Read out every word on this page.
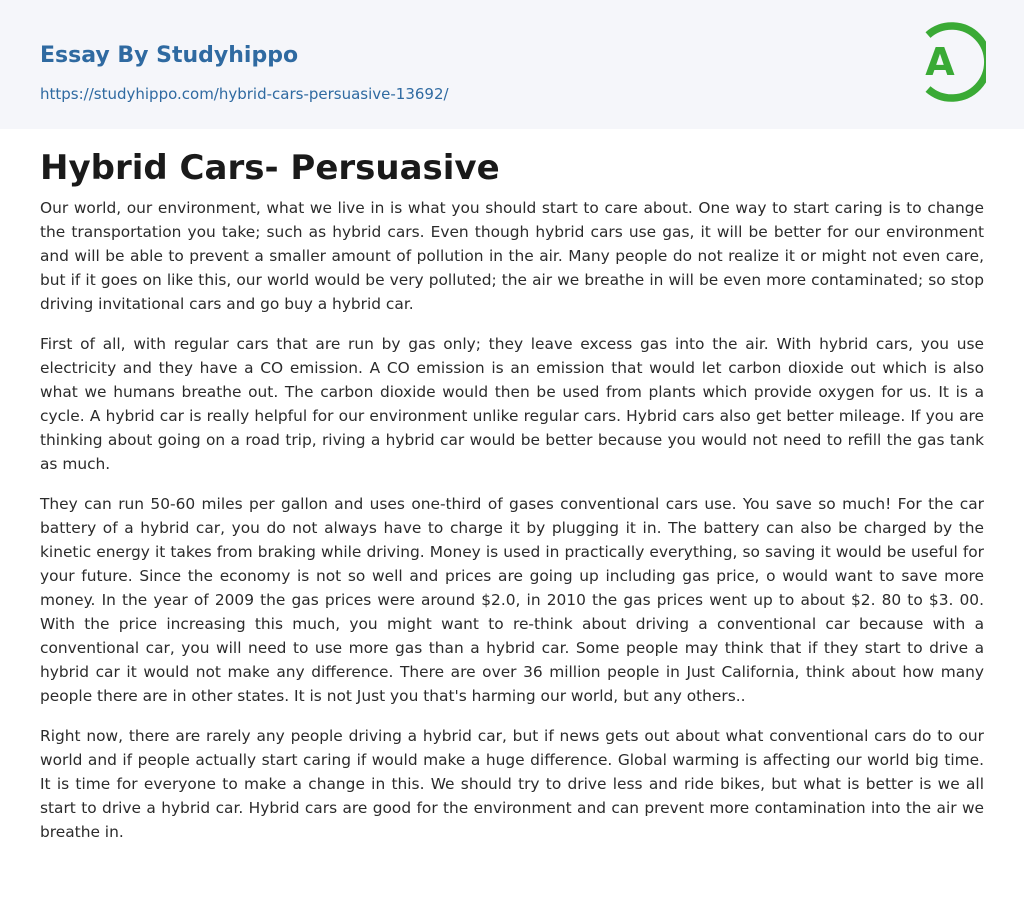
Essay By Studyhippo
https://studyhippo.com/hybrid-cars-persuasive-13692/
A
Hybrid Cars- Persuasive

Our world, our environment, what we live in is what you should start to care about. One way to start caring is to change the transportation you take; such as hybrid cars. Even though hybrid cars use gas, it will be better for our environment and will be able to prevent a smaller amount of pollution in the air. Many people do not realize it or might not even care, but if it goes on like this, our world would be very polluted; the air we breathe in will be even more contaminated; so stop driving invitational cars and go buy a hybrid car.

First of all, with regular cars that are run by gas only; they leave excess gas into the air. With hybrid cars, you use electricity and they have a CO emission. A CO emission is an emission that would let carbon dioxide out which is also what we humans breathe out. The carbon dioxide would then be used from plants which provide oxygen for us. It is a cycle. A hybrid car is really helpful for our environment unlike regular cars. Hybrid cars also get better mileage. If you are thinking about going on a road trip, riving a hybrid car would be better because you would not need to refill the gas tank as much.

They can run 50-60 miles per gallon and uses one-third of gases conventional cars use. You save so much! For the car battery of a hybrid car, you do not always have to charge it by plugging it in. The battery can also be charged by the kinetic energy it takes from braking while driving. Money is used in practically everything, so saving it would be useful for your future. Since the economy is not so well and prices are going up including gas price, o would want to save more money. In the year of 2009 the gas prices were around $2.0, in 2010 the gas prices went up to about $2. 80 to $3. 00. With the price increasing this much, you might want to re-think about driving a conventional car because with a conventional car, you will need to use more gas than a hybrid car. Some people may think that if they start to drive a hybrid car it would not make any difference. There are over 36 million people in Just California, think about how many people there are in other states. It is not Just you that's harming our world, but any others..

Right now, there are rarely any people driving a hybrid car, but if news gets out about what conventional cars do to our world and if people actually start caring if would make a huge difference. Global warming is affecting our world big time. It is time for everyone to make a change in this. We should try to drive less and ride bikes, but what is better is we all start to drive a hybrid car. Hybrid cars are good for the environment and can prevent more contamination into the air we breathe in.
